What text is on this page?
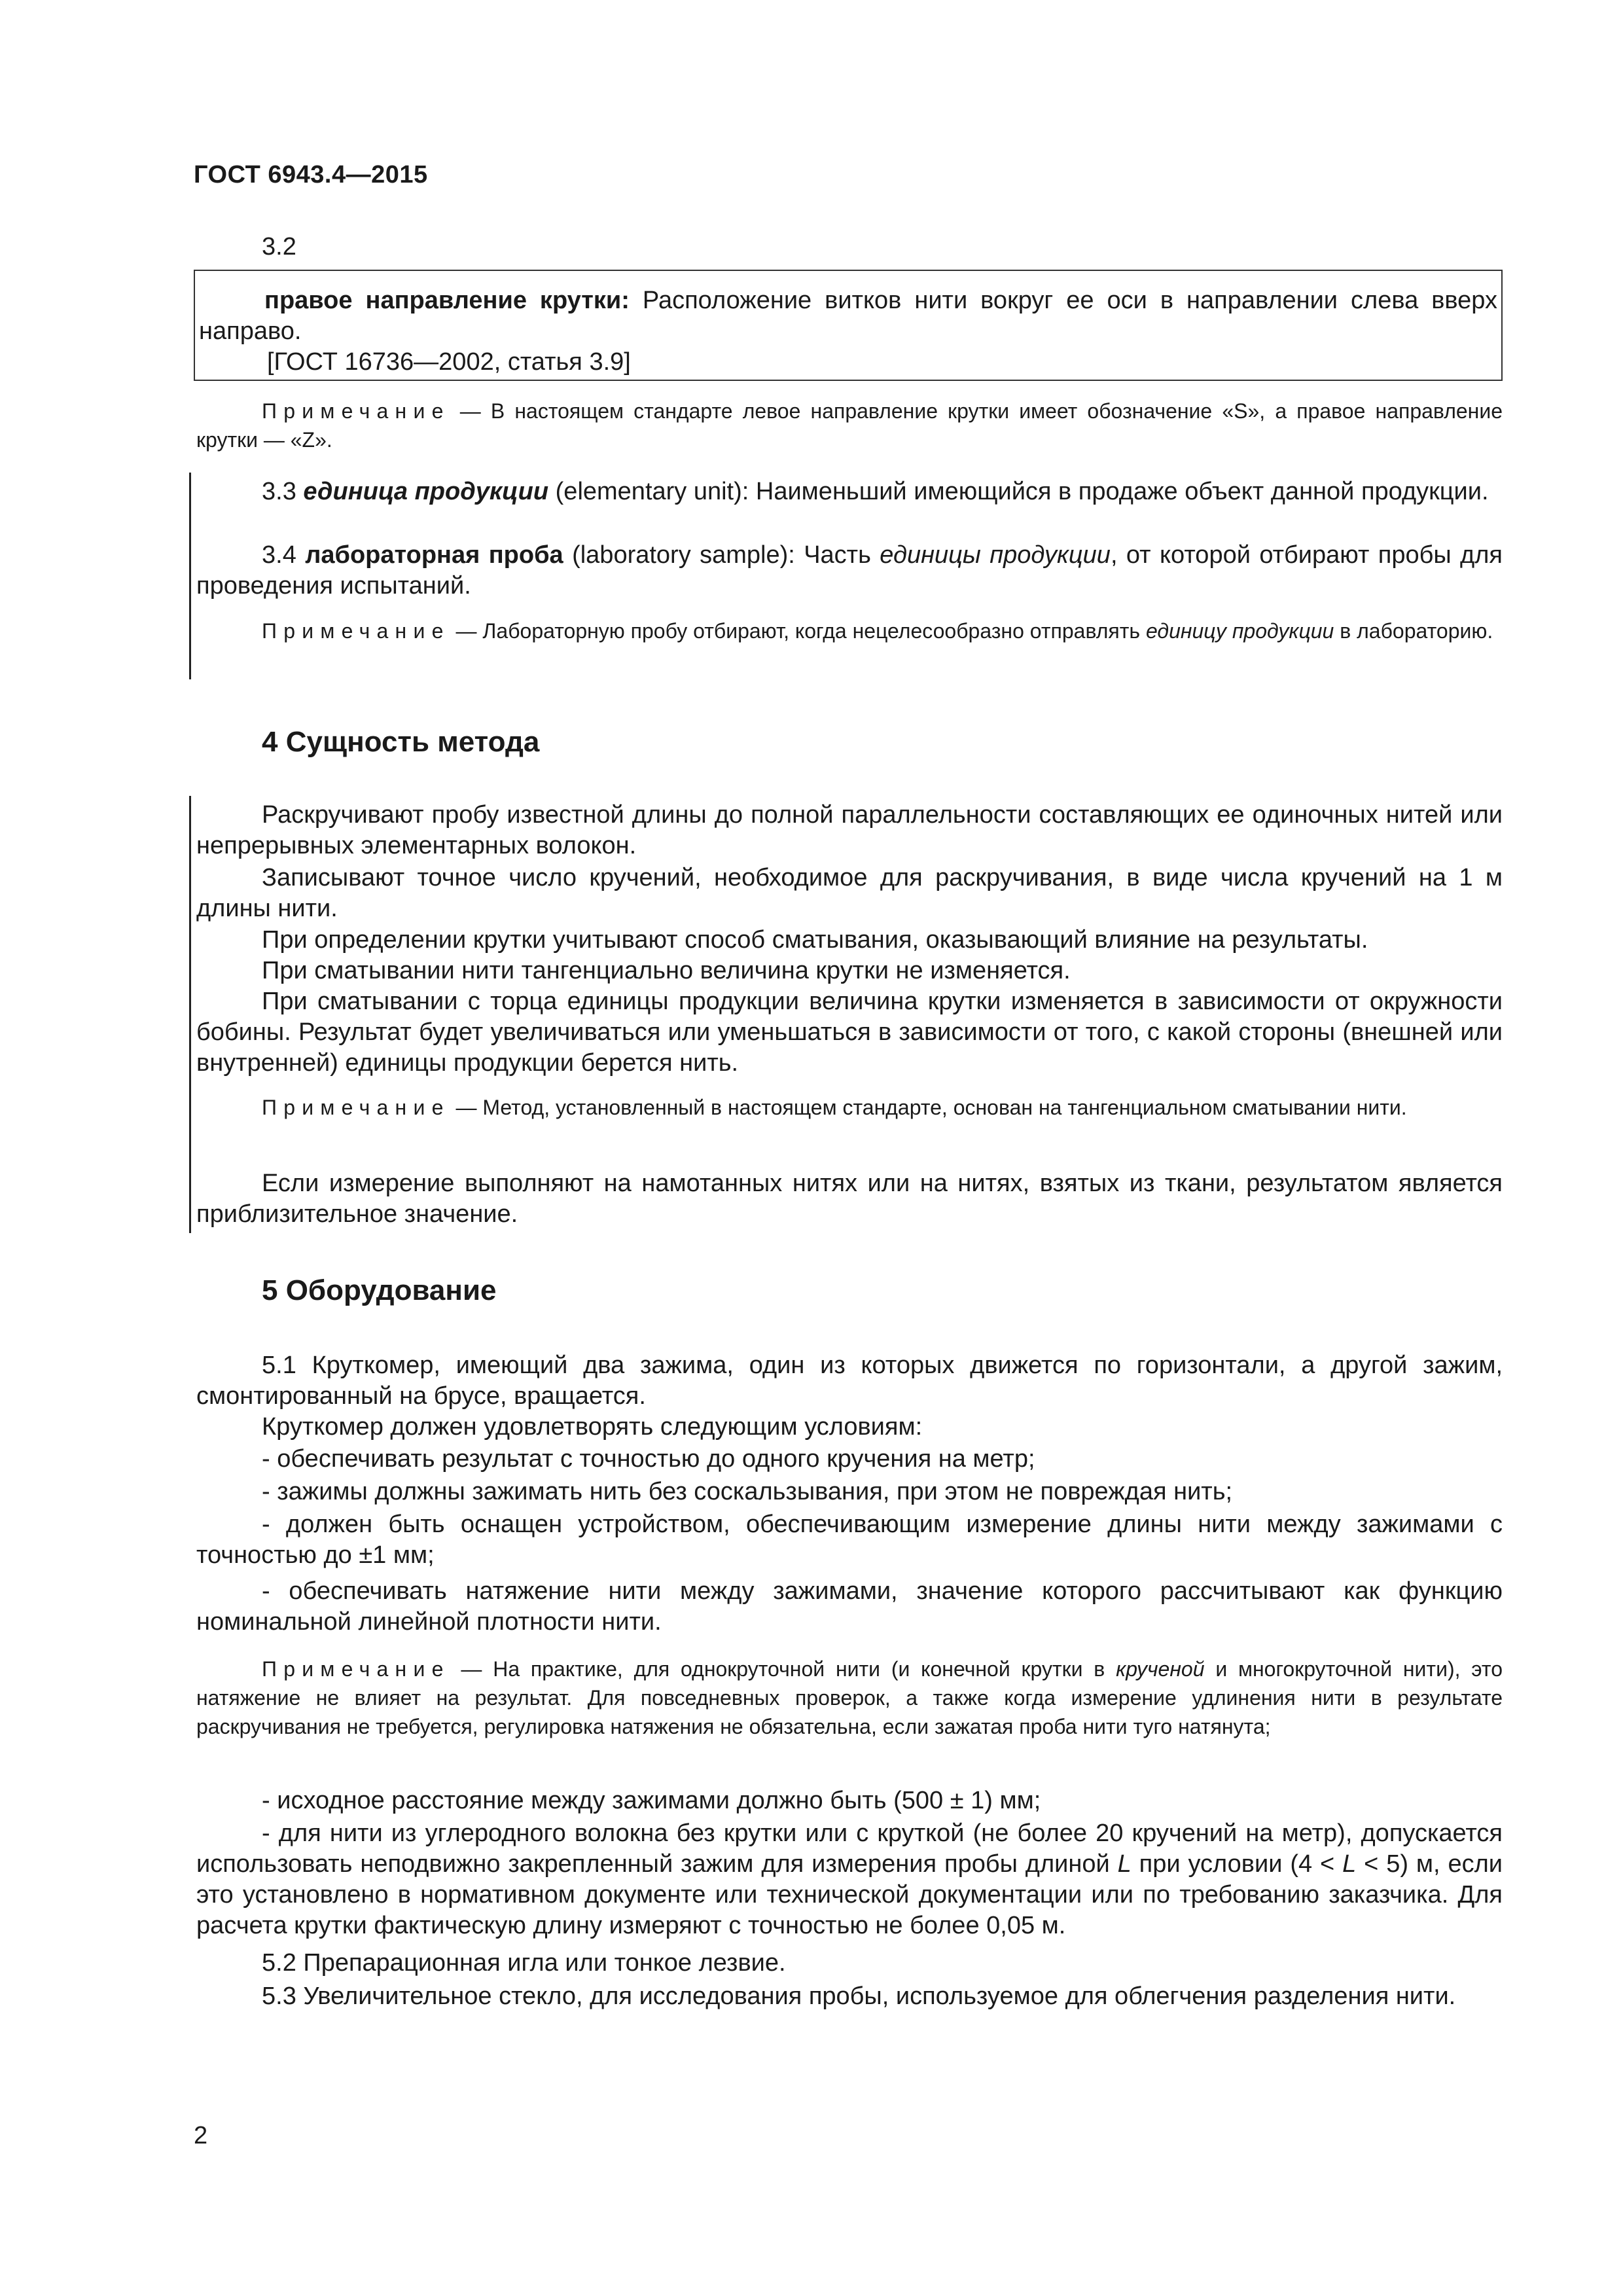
ГОСТ 6943.4—2015
3.2

правое направление крутки: Расположение витков нити вокруг ее оси в направлении слева вверх направо.

[ГОСТ 16736—2002, статья 3.9]

Примечание — В настоящем стандарте левое направление крутки имеет обозначение «S», а правое направление крутки — «Z».

3.3 единица продукции (elementary unit): Наименьший имеющийся в продаже объект данной продукции.

3.4 лабораторная проба (laboratory sample): Часть единицы продукции, от которой отбирают пробы для проведения испытаний.

Примечание — Лабораторную пробу отбирают, когда нецелесообразно отправлять единицу продукции в лабораторию.

4 Сущность метода

Раскручивают пробу известной длины до полной параллельности составляющих ее одиночных нитей или непрерывных элементарных волокон.

Записывают точное число кручений, необходимое для раскручивания, в виде числа кручений на 1 м длины нити.

При определении крутки учитывают способ сматывания, оказывающий влияние на результаты.

При сматывании нити тангенциально величина крутки не изменяется.

При сматывании с торца единицы продукции величина крутки изменяется в зависимости от окружности бобины. Результат будет увеличиваться или уменьшаться в зависимости от того, с какой стороны (внешней или внутренней) единицы продукции берется нить.

Примечание — Метод, установленный в настоящем стандарте, основан на тангенциальном сматывании нити.

Если измерение выполняют на намотанных нитях или на нитях, взятых из ткани, результатом является приблизительное значение.

5 Оборудование

5.1 Круткомер, имеющий два зажима, один из которых движется по горизонтали, а другой зажим, смонтированный на брусе, вращается.

Круткомер должен удовлетворять следующим условиям:

- обеспечивать результат с точностью до одного кручения на метр;

- зажимы должны зажимать нить без соскальзывания, при этом не повреждая нить;

- должен быть оснащен устройством, обеспечивающим измерение длины нити между зажимами с точностью до ±1 мм;

- обеспечивать натяжение нити между зажимами, значение которого рассчитывают как функцию номинальной линейной плотности нити.

Примечание — На практике, для однокруточной нити (и конечной крутки в крученой и многокруточной нити), это натяжение не влияет на результат. Для повседневных проверок, а также когда измерение удлинения нити в результате раскручивания не требуется, регулировка натяжения не обязательна, если зажатая проба нити туго натянута;

- исходное расстояние между зажимами должно быть (500 ± 1) мм;

- для нити из углеродного волокна без крутки или с круткой (не более 20 кручений на метр), допускается использовать неподвижно закрепленный зажим для измерения пробы длиной L при условии (4 < L < 5) м, если это установлено в нормативном документе или технической документации или по требованию заказчика. Для расчета крутки фактическую длину измеряют с точностью не более 0,05 м.

5.2 Препарационная игла или тонкое лезвие.

5.3 Увеличительное стекло, для исследования пробы, используемое для облегчения разделения нити.

2
